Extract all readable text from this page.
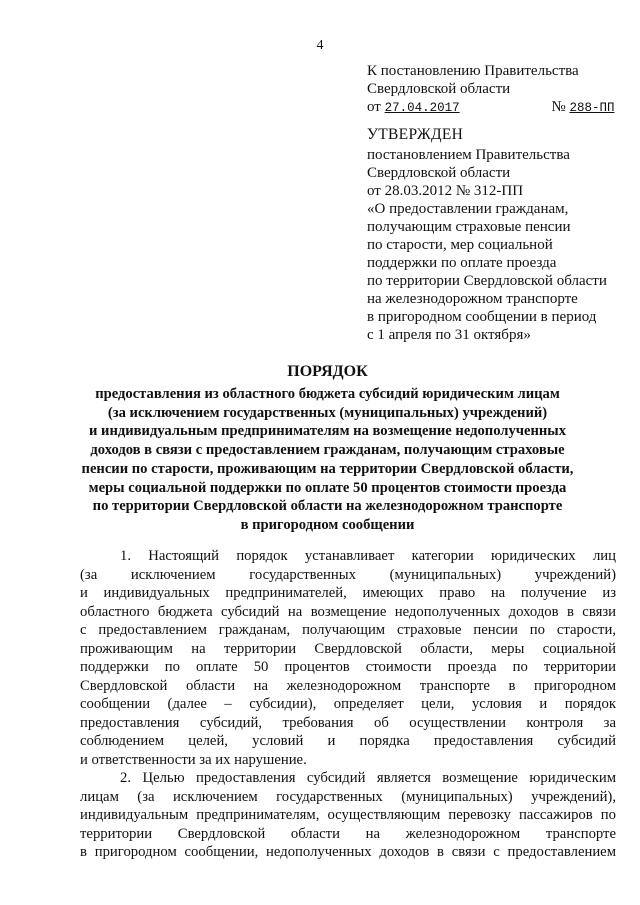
4
К постановлению Правительства
Свердловской области
от 27.04.2017	№ 288-ПП
УТВЕРЖДЕН
постановлением Правительства
Свердловской области
от 28.03.2012 № 312-ПП
«О предоставлении гражданам,
получающим страховые пенсии
по старости, мер социальной
поддержки по оплате проезда
по территории Свердловской области
на железнодорожном транспорте
в пригородном сообщении в период
с 1 апреля по 31 октября»
ПОРЯДОК
предоставления из областного бюджета субсидий юридическим лицам
(за исключением государственных (муниципальных) учреждений)
и индивидуальным предпринимателям на возмещение недополученных
доходов в связи с предоставлением гражданам, получающим страховые
пенсии по старости, проживающим на территории Свердловской области,
меры социальной поддержки по оплате 50 процентов стоимости проезда
по территории Свердловской области на железнодорожном транспорте
в пригородном сообщении
1. Настоящий порядок устанавливает категории юридических лиц
(за исключением государственных (муниципальных) учреждений)
и индивидуальных предпринимателей, имеющих право на получение из
областного бюджета субсидий на возмещение недополученных доходов в связи
с предоставлением гражданам, получающим страховые пенсии по старости,
проживающим на территории Свердловской области, меры социальной
поддержки по оплате 50 процентов стоимости проезда по территории
Свердловской области на железнодорожном транспорте в пригородном
сообщении (далее – субсидии), определяет цели, условия и порядок
предоставления субсидий, требования об осуществлении контроля за
соблюдением целей, условий и порядка предоставления субсидий
и ответственности за их нарушение.
2. Целью предоставления субсидий является возмещение юридическим
лицам (за исключением государственных (муниципальных) учреждений),
индивидуальным предпринимателям, осуществляющим перевозку пассажиров по
территории Свердловской области на железнодорожном транспорте
в пригородном сообщении, недополученных доходов в связи с предоставлением
